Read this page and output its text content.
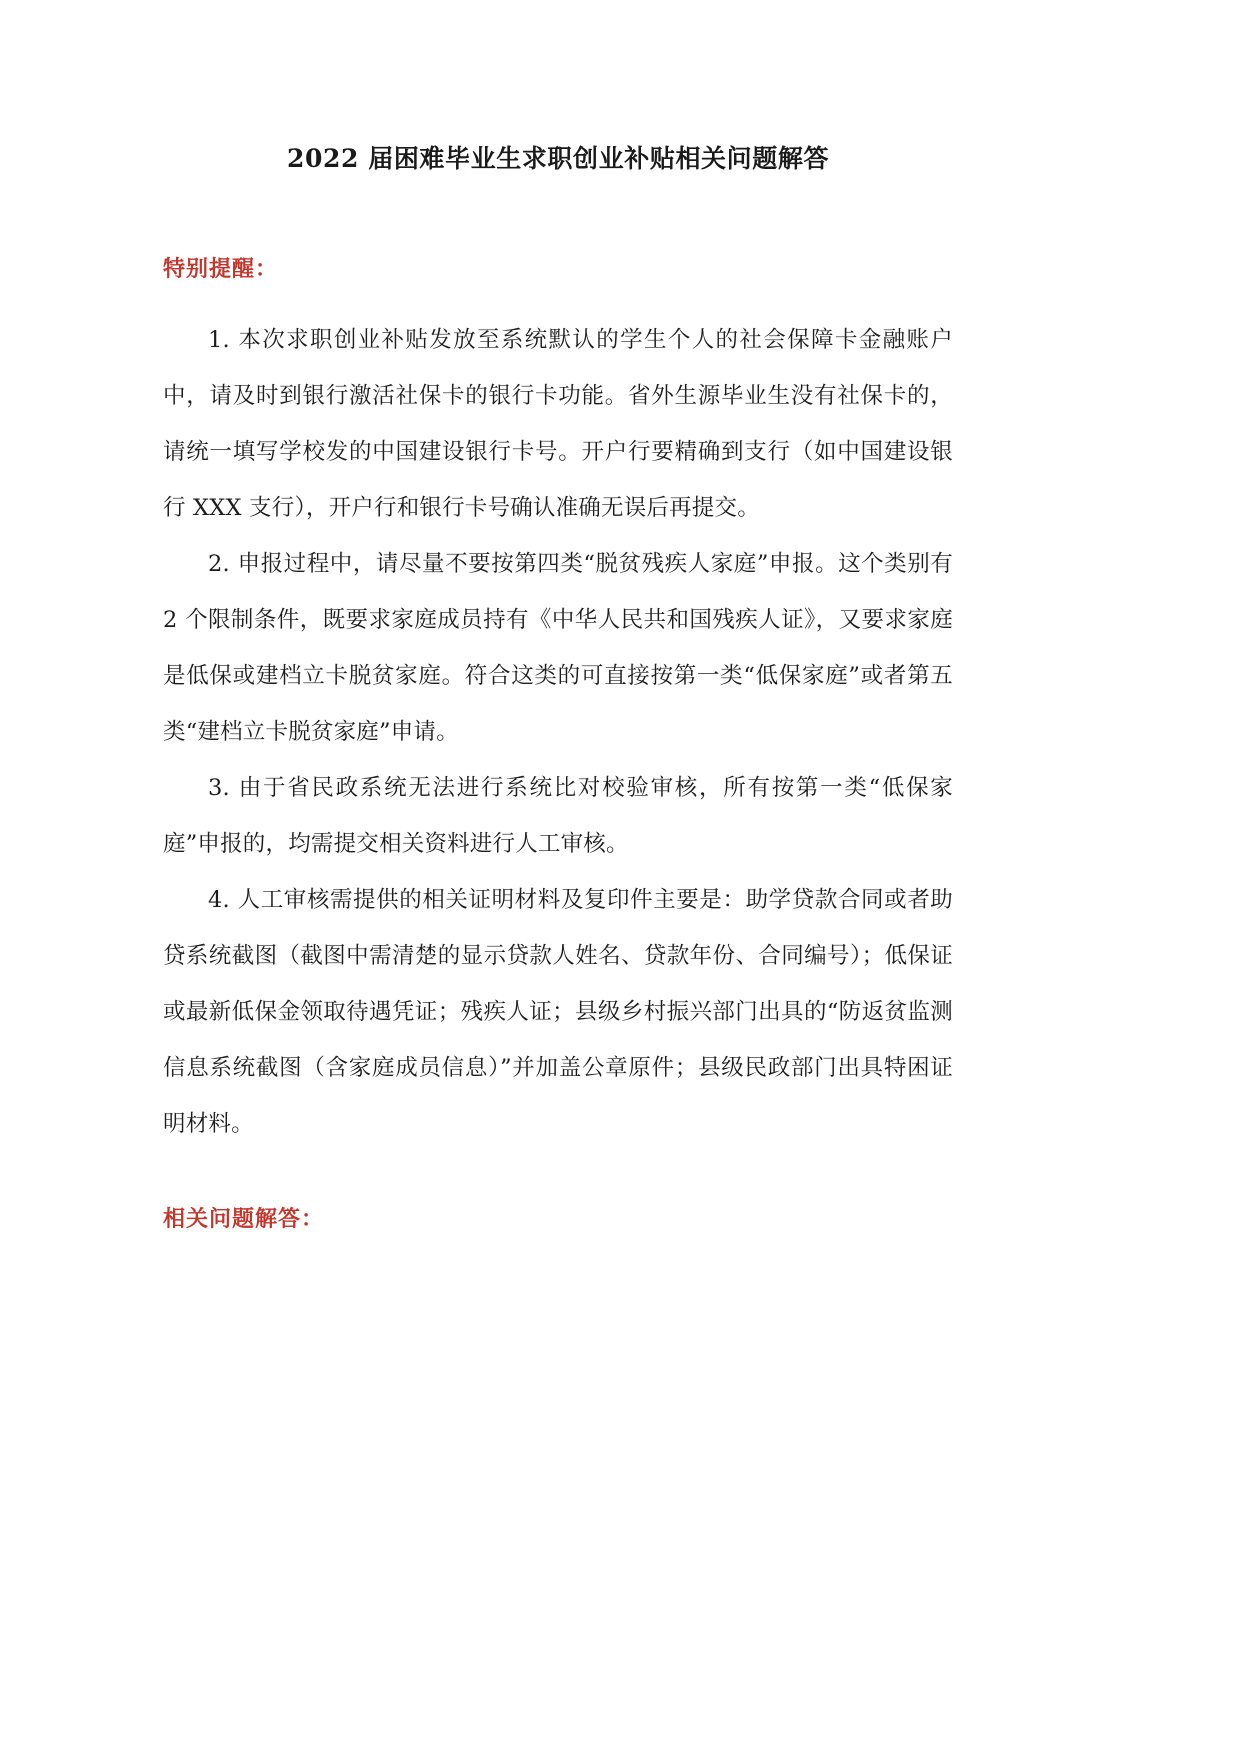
2022 届困难毕业生求职创业补贴相关问题解答
特别提醒：

1. 本次求职创业补贴发放至系统默认的学生个人的社会保障卡金融账户中，请及时到银行激活社保卡的银行卡功能。省外生源毕业生没有社保卡的，请统一填写学校发的中国建设银行卡号。开户行要精确到支行（如中国建设银行 XXX 支行），开户行和银行卡号确认准确无误后再提交。

2. 申报过程中，请尽量不要按第四类“脱贫残疾人家庭”申报。这个类别有 2 个限制条件，既要求家庭成员持有《中华人民共和国残疾人证》，又要求家庭是低保或建档立卡脱贫家庭。符合这类的可直接按第一类“低保家庭”或者第五类“建档立卡脱贫家庭”申请。

3. 由于省民政系统无法进行系统比对校验审核，所有按第一类“低保家庭”申报的，均需提交相关资料进行人工审核。

4. 人工审核需提供的相关证明材料及复印件主要是：助学贷款合同或者助贷系统截图（截图中需清楚的显示贷款人姓名、贷款年份、合同编号）；低保证或最新低保金领取待遇凭证；残疾人证；县级乡村振兴部门出具的“防返贫监测信息系统截图（含家庭成员信息）”并加盖公章原件；县级民政部门出具特困证明材料。

相关问题解答：
